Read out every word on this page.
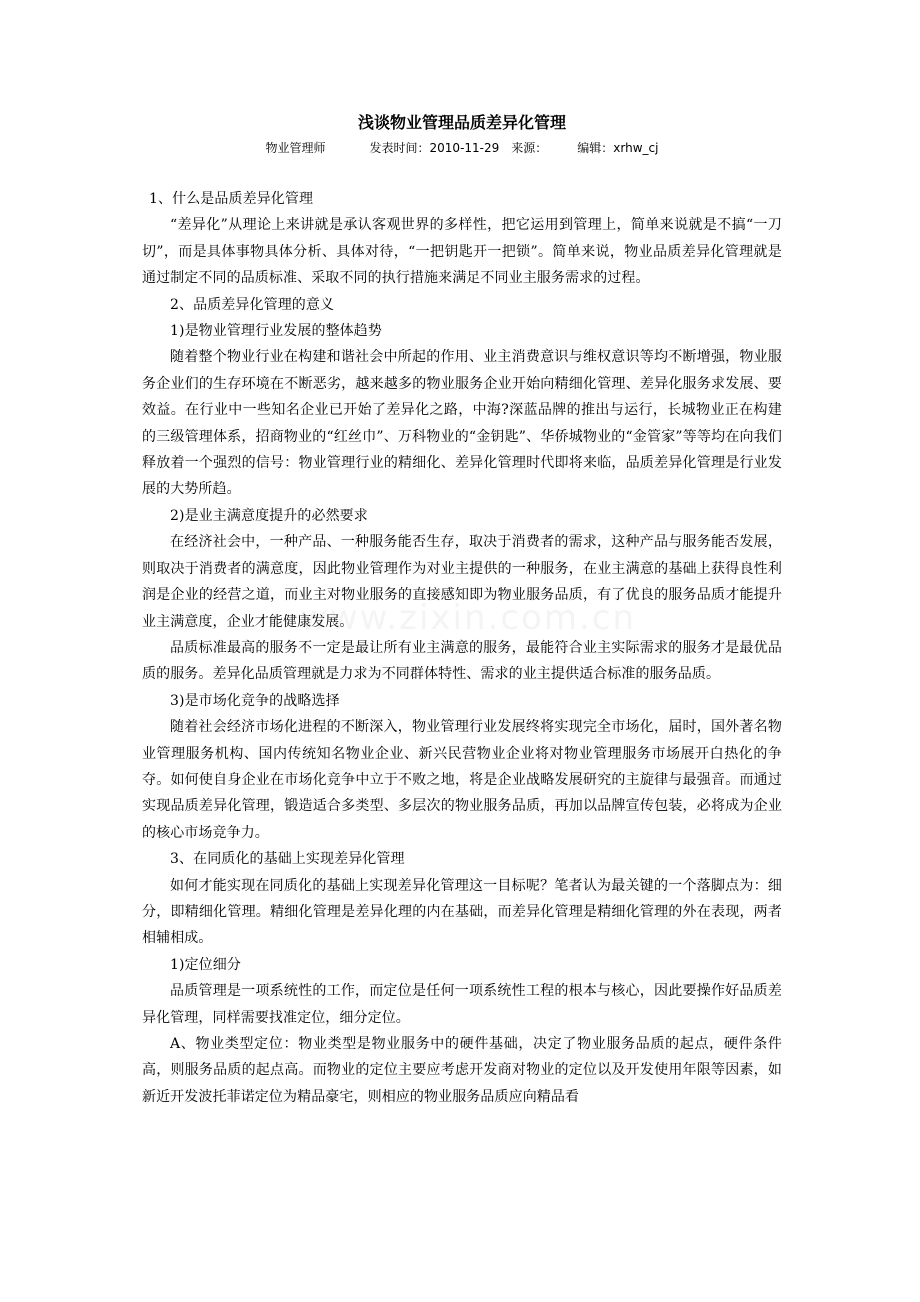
www.zixin.com.cn
浅谈物业管理品质差异化管理
物业管理师	发表时间：2010-11-29 来源：	编辑：xrhw_cj

1、什么是品质差异化管理

“差异化”从理论上来讲就是承认客观世界的多样性，把它运用到管理上，简单来说就是不搞“一刀切”，而是具体事物具体分析、具体对待，“一把钥匙开一把锁”。简单来说，物业品质差异化管理就是通过制定不同的品质标准、采取不同的执行措施来满足不同业主服务需求的过程。

2、品质差异化管理的意义

1)是物业管理行业发展的整体趋势

随着整个物业行业在构建和谐社会中所起的作用、业主消费意识与维权意识等均不断增强，物业服务企业们的生存环境在不断恶劣，越来越多的物业服务企业开始向精细化管理、差异化服务求发展、要效益。在行业中一些知名企业已开始了差异化之路，中海?深蓝品牌的推出与运行，长城物业正在构建的三级管理体系，招商物业的“红丝巾”、万科物业的“金钥匙”、华侨城物业的“金管家”等等均在向我们释放着一个强烈的信号：物业管理行业的精细化、差异化管理时代即将来临，品质差异化管理是行业发展的大势所趋。

2)是业主满意度提升的必然要求

在经济社会中，一种产品、一种服务能否生存，取决于消费者的需求，这种产品与服务能否发展，则取决于消费者的满意度，因此物业管理作为对业主提供的一种服务，在业主满意的基础上获得良性利润是企业的经营之道，而业主对物业服务的直接感知即为物业服务品质，有了优良的服务品质才能提升业主满意度，企业才能健康发展。

品质标准最高的服务不一定是最让所有业主满意的服务，最能符合业主实际需求的服务才是最优品质的服务。差异化品质管理就是力求为不同群体特性、需求的业主提供适合标准的服务品质。

3)是市场化竞争的战略选择

随着社会经济市场化进程的不断深入，物业管理行业发展终将实现完全市场化，届时，国外著名物业管理服务机构、国内传统知名物业企业、新兴民营物业企业将对物业管理服务市场展开白热化的争夺。如何使自身企业在市场化竞争中立于不败之地，将是企业战略发展研究的主旋律与最强音。而通过实现品质差异化管理，锻造适合多类型、多层次的物业服务品质，再加以品牌宣传包装，必将成为企业的核心市场竞争力。

3、在同质化的基础上实现差异化管理

如何才能实现在同质化的基础上实现差异化管理这一目标呢？笔者认为最关键的一个落脚点为：细分，即精细化管理。精细化管理是差异化理的内在基础，而差异化管理是精细化管理的外在表现，两者相辅相成。

1)定位细分

品质管理是一项系统性的工作，而定位是任何一项系统性工程的根本与核心，因此要操作好品质差异化管理，同样需要找准定位，细分定位。

A、物业类型定位：物业类型是物业服务中的硬件基础，决定了物业服务品质的起点，硬件条件高，则服务品质的起点高。而物业的定位主要应考虑开发商对物业的定位以及开发使用年限等因素，如新近开发波托菲诺定位为精品豪宅，则相应的物业服务品质应向精品看
